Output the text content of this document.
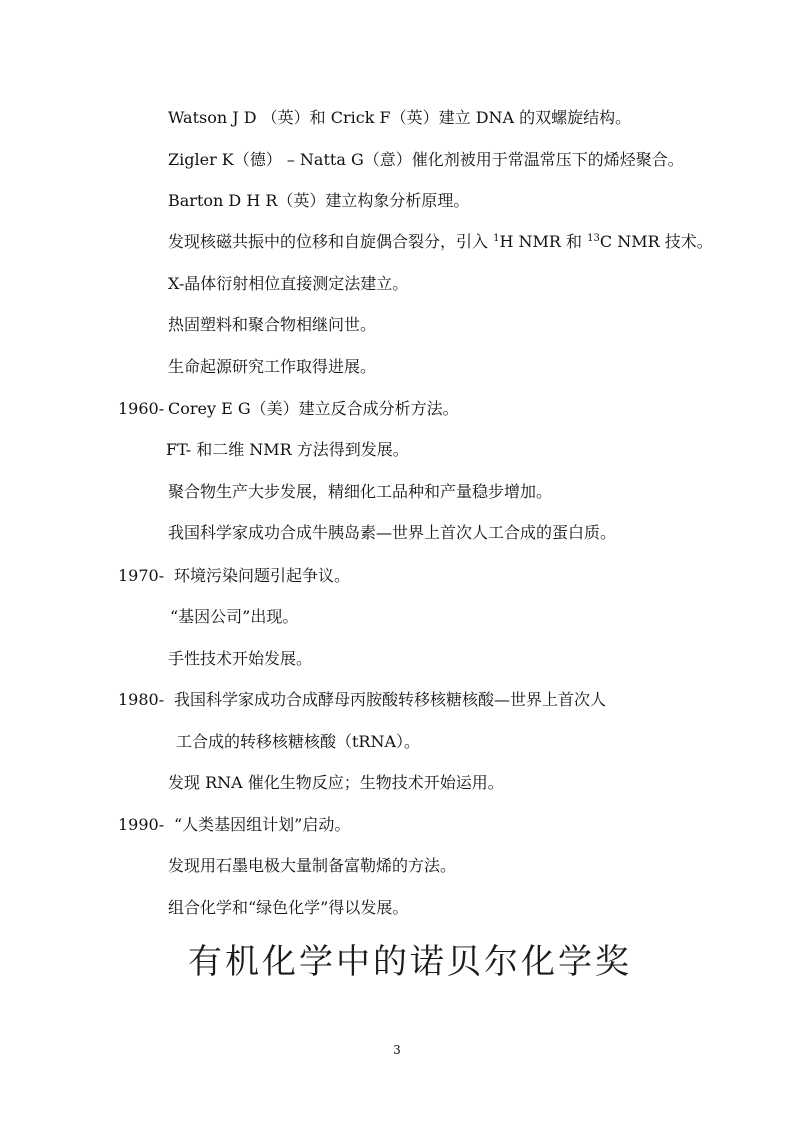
Watson J D （英）和 Crick F（英）建立 DNA 的双螺旋结构。
Zigler K（德） – Natta G（意）催化剂被用于常温常压下的烯烃聚合。
Barton D H R（英）建立构象分析原理。
发现核磁共振中的位移和自旋偶合裂分，引入 $^1$H NMR 和 $^{13}$C NMR 技术。
X-晶体衍射相位直接测定法建立。
热固塑料和聚合物相继问世。
生命起源研究工作取得进展。
1960- Corey E G（美）建立反合成分析方法。
FT- 和二维 NMR 方法得到发展。
聚合物生产大步发展，精细化工品种和产量稳步增加。
我国科学家成功合成牛胰岛素—世界上首次人工合成的蛋白质。
1970- 环境污染问题引起争议。
“基因公司”出现。
手性技术开始发展。
1980- 我国科学家成功合成酵母丙胺酸转移核糖核酸—世界上首次人
工合成的转移核糖核酸（tRNA）。
发现 RNA 催化生物反应；生物技术开始运用。
1990- “人类基因组计划”启动。
发现用石墨电极大量制备富勒烯的方法。
组合化学和“绿色化学”得以发展。
有机化学中的诺贝尔化学奖
3
